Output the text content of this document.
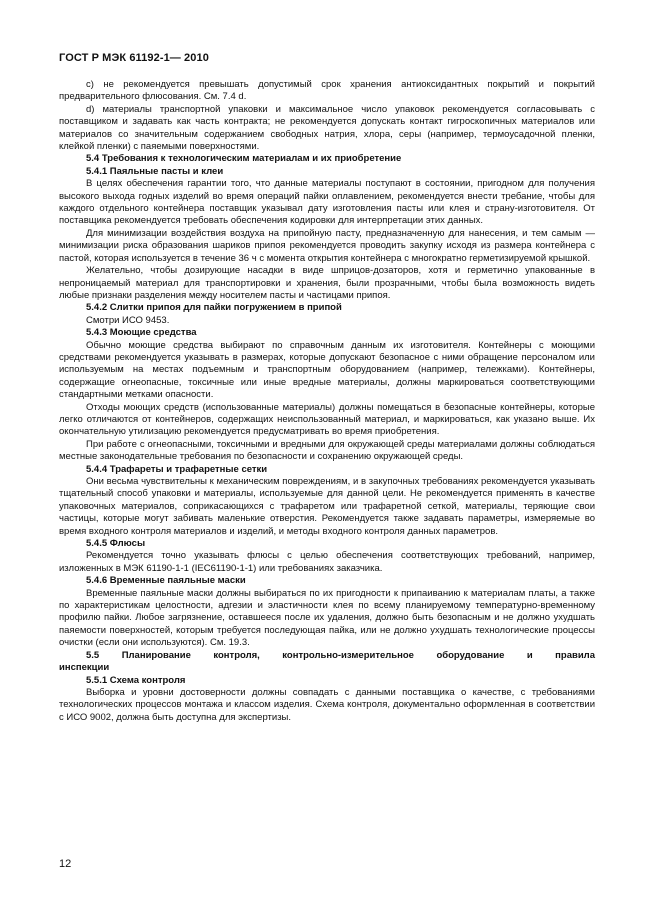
ГОСТ Р МЭК 61192-1— 2010

c) не рекомендуется превышать допустимый срок хранения антиоксидантных покрытий и покрытий предварительного флюсования. См. 7.4 d.

d) материалы транспортной упаковки и максимальное число упаковок рекомендуется согласовывать с поставщиком и задавать как часть контракта; не рекомендуется допускать контакт гигроскопичных материалов или материалов со значительным содержанием свободных натрия, хлора, серы (например, термоусадочной пленки, клейкой пленки) с паяемыми поверхностями.

5.4 Требования к технологическим материалам и их приобретение

5.4.1 Паяльные пасты и клеи

В целях обеспечения гарантии того, что данные материалы поступают в состоянии, пригодном для получения высокого выхода годных изделий во время операций пайки оплавлением, рекомендуется внести требание, чтобы для каждого отдельного контейнера поставщик указывал дату изготовления пасты или клея и страну-изготовителя. От поставщика рекомендуется требовать обеспечения кодировки для интерпретации этих данных.

Для минимизации воздействия воздуха на припойную пасту, предназначенную для нанесения, и тем самым — минимизации риска образования шариков припоя рекомендуется проводить закупку исходя из размера контейнера с пастой, которая используется в течение 36 ч с момента открытия контейнера с многократно герметизируемой крышкой.

Желательно, чтобы дозирующие насадки в виде шприцов-дозаторов, хотя и герметично упакованные в непроницаемый материал для транспортировки и хранения, были прозрачными, чтобы была возможность видеть любые признаки разделения между носителем пасты и частицами припоя.

5.4.2 Слитки припоя для пайки погружением в припой

Смотри ИСО 9453.

5.4.3 Моющие средства

Обычно моющие средства выбирают по справочным данным их изготовителя. Контейнеры с моющими средствами рекомендуется указывать в размерах, которые допускают безопасное с ними обращение персоналом или используемым на местах подъемным и транспортным оборудованием (например, тележками). Контейнеры, содержащие огнеопасные, токсичные или иные вредные материалы, должны маркироваться соответствующими стандартными метками опасности.

Отходы моющих средств (использованные материалы) должны помещаться в безопасные контейнеры, которые легко отличаются от контейнеров, содержащих неиспользованный материал, и маркироваться, как указано выше. Их окончательную утилизацию рекомендуется предусматривать во время приобретения.

При работе с огнеопасными, токсичными и вредными для окружающей среды материалами должны соблюдаться местные законодательные требования по безопасности и сохранению окружающей среды.

5.4.4 Трафареты и трафаретные сетки

Они весьма чувствительны к механическим повреждениям, и в закупочных требованиях рекомендуется указывать тщательный способ упаковки и материалы, используемые для данной цели. Не рекомендуется применять в качестве упаковочных материалов, соприкасающихся с трафаретом или трафаретной сеткой, материалы, теряющие свои частицы, которые могут забивать маленькие отверстия. Рекомендуется также задавать параметры, измеряемые во время входного контроля материалов и изделий, и методы входного контроля данных параметров.

5.4.5 Флюсы

Рекомендуется точно указывать флюсы с целью обеспечения соответствующих требований, например, изложенных в МЭК 61190-1-1 (IEC61190-1-1) или требованиях заказчика.

5.4.6 Временные паяльные маски

Временные паяльные маски должны выбираться по их пригодности к припаиванию к материалам платы, а также по характеристикам целостности, адгезии и эластичности клея по всему планируемому температурно-временному профилю пайки. Любое загрязнение, оставшееся после их удаления, должно быть безопасным и не должно ухудшать паяемости поверхностей, которым требуется последующая пайка, или не должно ухудшать технологические процессы очистки (если они используются). См. 19.3.

5.5 Планирование контроля, контрольно-измерительное оборудование и правила

инспекции

5.5.1 Схема контроля

Выборка и уровни достоверности должны совпадать с данными поставщика о качестве, с требованиями технологических процессов монтажа и классом изделия. Схема контроля, документально оформленная в соответствии с ИСО 9002, должна быть доступна для экспертизы.

12
